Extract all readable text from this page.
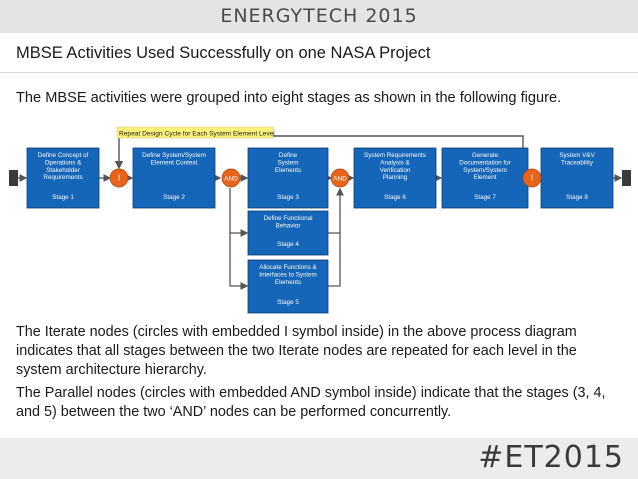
ENERGYTECH 2015
MBSE Activities Used Successfully on one NASA Project
The MBSE activities were grouped into eight stages as shown in the following figure.
Repeat Design Cycle for Each System Element Level
Define Concept of
Operations &
Stakeholder
Requirements
Stage 1
Define System/System
Element Context
Stage 2
Define
System
Elements
Stage 3
Define Functional
Behavior
Stage 4
Allocate Functions &
Interfaces to System
Elements
Stage 5
System Requirements
Analysis &
Verification
Planning
Stage 6
Generate
Documentation for
System/System
Element
Stage 7
System V&V
Traceability
Stage 8
I	AND	AND	I
The Iterate nodes (circles with embedded I symbol inside) in the above process diagram indicates that all stages between the two Iterate nodes are repeated for each level in the system architecture hierarchy.
The Parallel nodes (circles with embedded AND symbol inside) indicate that the stages (3, 4, and 5) between the two ‘AND’ nodes can be performed concurrently.
#ET2015
